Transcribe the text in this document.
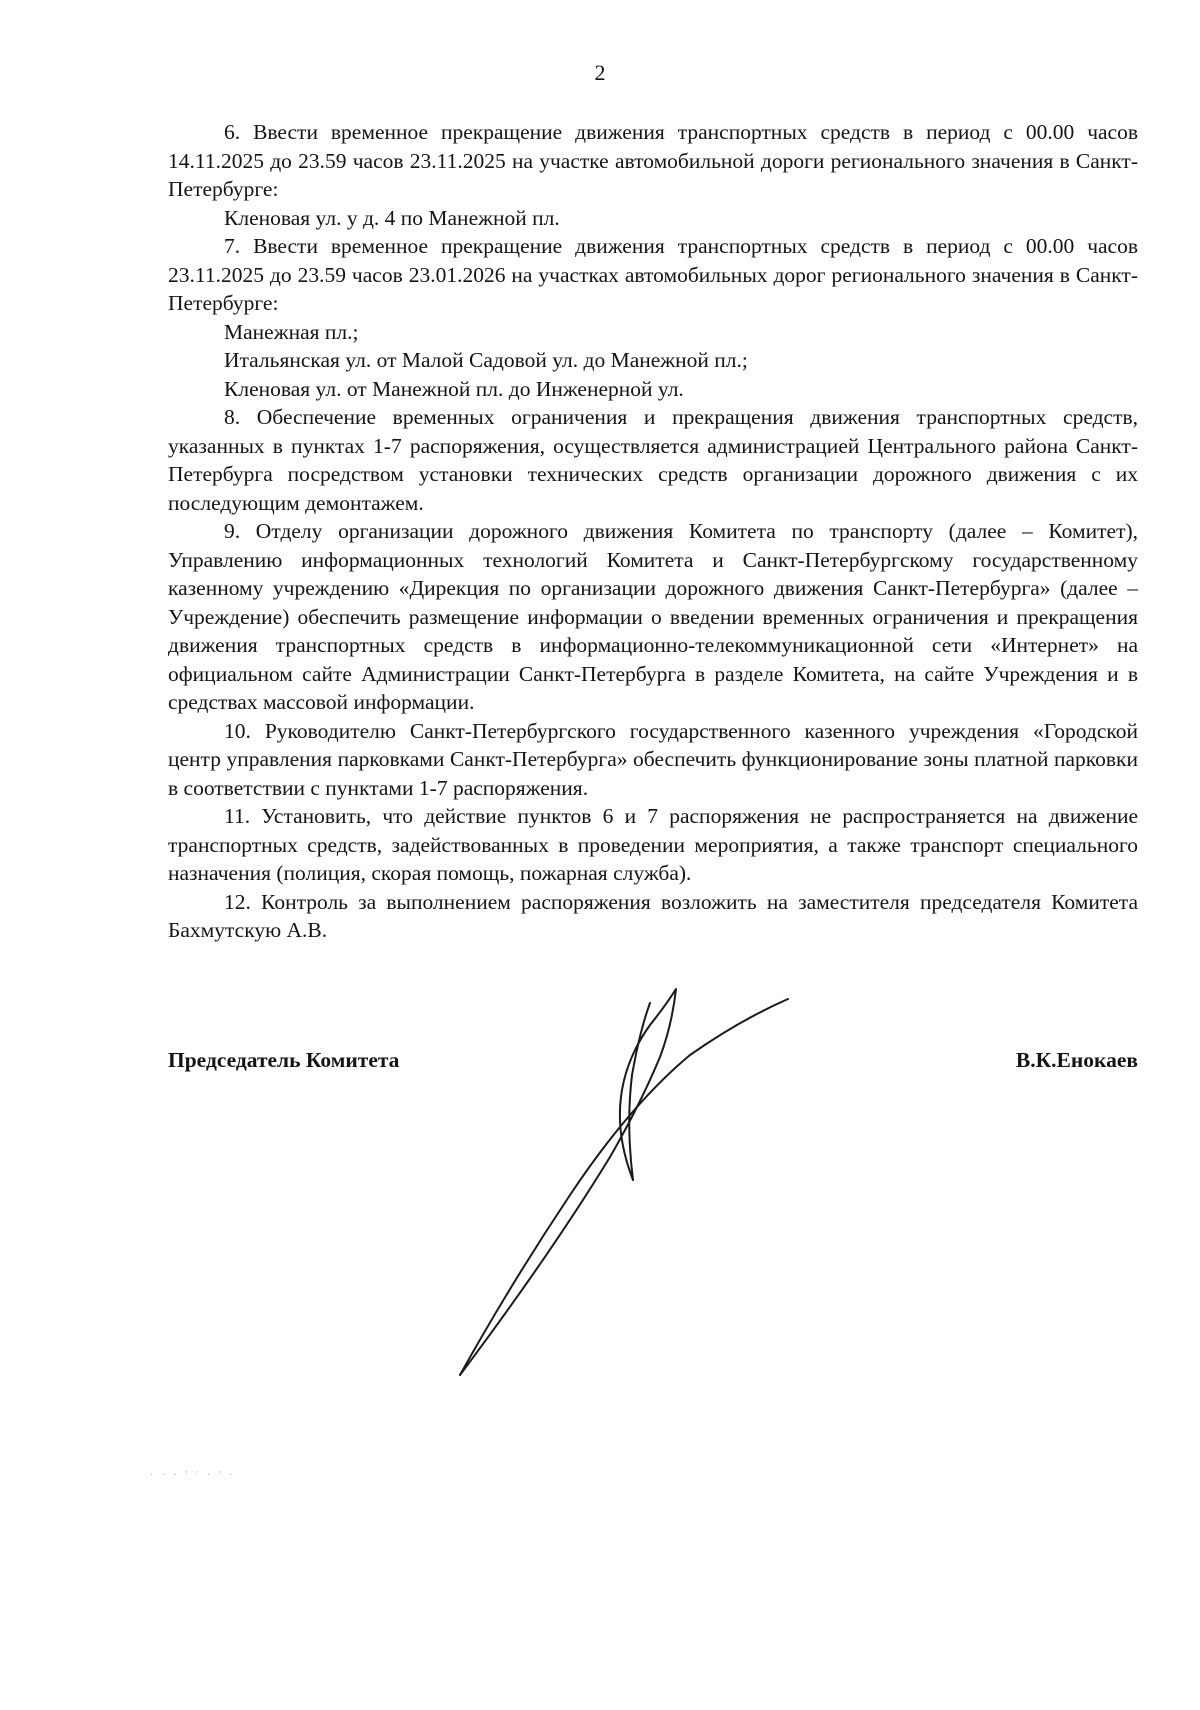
2

6. Ввести временное прекращение движения транспортных средств в период с 00.00 часов 14.11.2025 до 23.59 часов 23.11.2025 на участке автомобильной дороги регионального значения в Санкт-Петербурге:

Кленовая ул. у д. 4 по Манежной пл.

7. Ввести временное прекращение движения транспортных средств в период с 00.00 часов 23.11.2025 до 23.59 часов 23.01.2026 на участках автомобильных дорог регионального значения в Санкт-Петербурге:

Манежная пл.;

Итальянская ул. от Малой Садовой ул. до Манежной пл.;

Кленовая ул. от Манежной пл. до Инженерной ул.

8. Обеспечение временных ограничения и прекращения движения транспортных средств, указанных в пунктах 1-7 распоряжения, осуществляется администрацией Центрального района Санкт-Петербурга посредством установки технических средств организации дорожного движения с их последующим демонтажем.

9. Отделу организации дорожного движения Комитета по транспорту (далее – Комитет), Управлению информационных технологий Комитета и Санкт-Петербургскому государственному казенному учреждению «Дирекция по организации дорожного движения Санкт-Петербурга» (далее – Учреждение) обеспечить размещение информации о введении временных ограничения и прекращения движения транспортных средств в информационно-телекоммуникационной сети «Интернет» на официальном сайте Администрации Санкт-Петербурга в разделе Комитета, на сайте Учреждения и в средствах массовой информации.

10. Руководителю Санкт-Петербургского государственного казенного учреждения «Городской центр управления парковками Санкт-Петербурга» обеспечить функционирование зоны платной парковки в соответствии с пунктами 1-7 распоряжения.

11. Установить, что действие пунктов 6 и 7 распоряжения не распространяется на движение транспортных средств, задействованных в проведении мероприятия, а также транспорт специального назначения (полиция, скорая помощь, пожарная служба).

12. Контроль за выполнением распоряжения возложить на заместителя председателя Комитета Бахмутскую А.В.

Председатель Комитета	В.К.Енокаев
· · · ′ ′ · ′ ·
